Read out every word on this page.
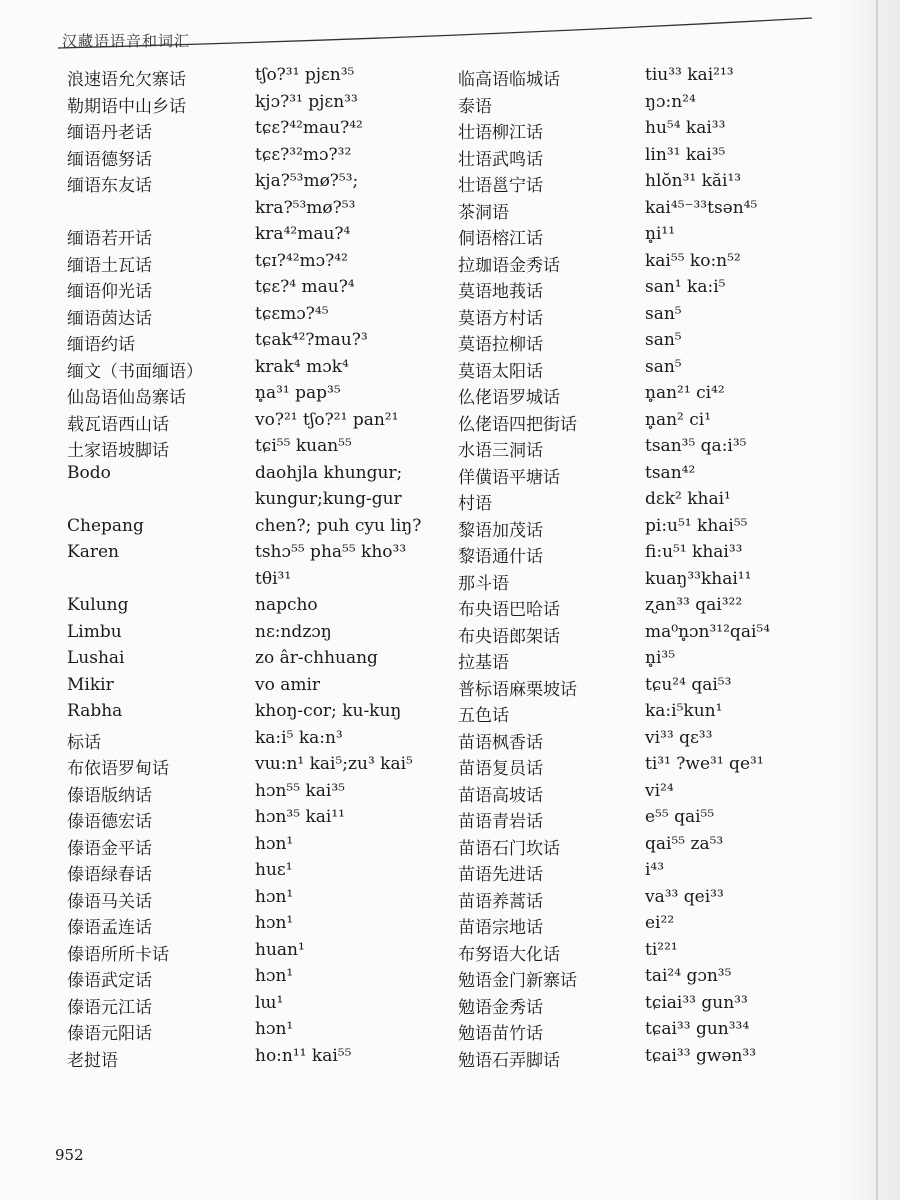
汉藏语语音和词汇
浪速语允欠寨话	tʃo?³¹ pjɛn³⁵
勒期语中山乡话	kjɔ?³¹ pjɛn³³
缅语丹老话	tɕɛ?⁴²mau?⁴²
缅语德努话	tɕɛ?³²mɔ?³²
缅语东友话	kja?⁵³mø?⁵³;
kra?⁵³mø?⁵³
缅语若开话	kra⁴²mau?⁴
缅语土瓦话	tɕɪ?⁴²mɔ?⁴²
缅语仰光话	tɕɛ?⁴ mau?⁴
缅语茵达话	tɕɛmɔ?⁴⁵
缅语约话	tɕak⁴²?mau?³
缅文（书面缅语）	krak⁴ mɔk⁴
仙岛语仙岛寨话	n̥a³¹ pap³⁵
载瓦语西山话	vo?²¹ tʃo?²¹ pan²¹
土家语坡脚话	tɕi⁵⁵ kuan⁵⁵
Bodo	daohjla khungur;
kungur;kung-gur
Chepang	chen?; puh cyu liŋ?
Karen	tshɔ⁵⁵ pha⁵⁵ kho³³
tθi³¹
Kulung	napcho
Limbu	nɛ:ndzɔŋ
Lushai	zo âr-chhuang
Mikir	vo amir
Rabha	khoŋ-cor; ku-kuŋ
标话	ka:i⁵ ka:n³
布依语罗甸话	vɯ:n¹ kai⁵;zu³ kai⁵
傣语版纳话	hɔn⁵⁵ kai³⁵
傣语德宏话	hɔn³⁵ kai¹¹
傣语金平话	hɔn¹
傣语绿春话	huɛ¹
傣语马关话	hɔn¹
傣语孟连话	hɔn¹
傣语所所卡话	huan¹
傣语武定话	hɔn¹
傣语元江话	lɯ¹
傣语元阳话	hɔn¹
老挝语	ho:n¹¹ kai⁵⁵
临高语临城话	tiu³³ kai²¹³
泰语	ŋɔ:n²⁴
壮语柳江话	hu⁵⁴ kai³³
壮语武鸣话	lin³¹ kai³⁵
壮语邕宁话	hlŏn³¹ kăi¹³
茶洞语	kai⁴⁵⁻³³tsən⁴⁵
侗语榕江话	n̥i¹¹
拉珈语金秀话	kai⁵⁵ ko:n⁵²
莫语地莪话	san¹ ka:i⁵
莫语方村话	san⁵
莫语拉柳话	san⁵
莫语太阳话	san⁵
仫佬语罗城话	n̥an²¹ ci⁴²
仫佬语四把街话	n̥an² ci¹
水语三洞话	tsan³⁵ qa:i³⁵
佯僙语平塘话	tsan⁴²
村语	dɛk² khai¹
黎语加茂话	pi:u⁵¹ khai⁵⁵
黎语通什话	fi:u⁵¹ khai³³
那斗语	kuaŋ³³khai¹¹
布央语巴哈话	ʐan³³ qai³²²
布央语郎架话	ma⁰n̥ɔn³¹²qai⁵⁴
拉基语	n̥i³⁵
普标语麻栗坡话	tɕu²⁴ qai⁵³
五色话	ka:i⁵kun¹
苗语枫香话	vi³³ qɛ³³
苗语复员话	ti³¹ ?we³¹ qe³¹
苗语高坡话	vi²⁴
苗语青岩话	e⁵⁵ qai⁵⁵
苗语石门坎话	qai⁵⁵ za⁵³
苗语先进话	i⁴³
苗语养蒿话	va³³ qei³³
苗语宗地话	ei²²
布努语大化话	ti²²¹
勉语金门新寨话	tai²⁴ gɔn³⁵
勉语金秀话	tɕiai³³ gun³³
勉语苗竹话	tɕai³³ gun³³⁴
勉语石弄脚话	tɕai³³ gwən³³
952
